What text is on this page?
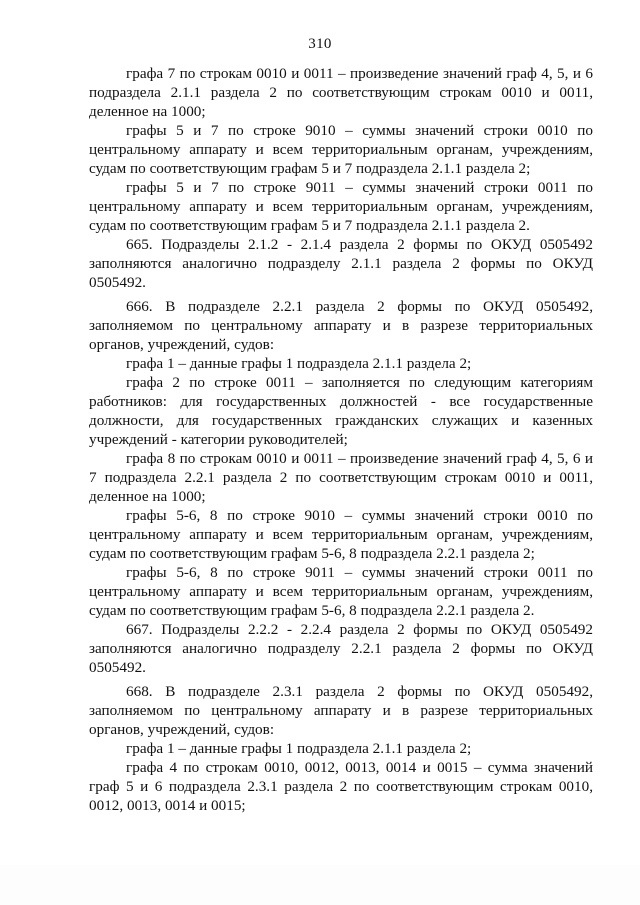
310

графа 7 по строкам 0010 и 0011 – произведение значений граф 4, 5, и 6 подраздела 2.1.1 раздела 2 по соответствующим строкам 0010 и 0011, деленное на 1000;

графы 5 и 7 по строке 9010 – суммы значений строки 0010 по центральному аппарату и всем территориальным органам, учреждениям, судам по соответствующим графам 5 и 7 подраздела 2.1.1 раздела 2;

графы 5 и 7 по строке 9011 – суммы значений строки 0011 по центральному аппарату и всем территориальным органам, учреждениям, судам по соответствующим графам 5 и 7 подраздела 2.1.1 раздела 2.

665. Подразделы 2.1.2 - 2.1.4 раздела 2 формы по ОКУД 0505492 заполняются аналогично подразделу 2.1.1 раздела 2 формы по ОКУД 0505492.

666. В подразделе 2.2.1 раздела 2 формы по ОКУД 0505492, заполняемом по центральному аппарату и в разрезе территориальных органов, учреждений, судов:

графа 1 – данные графы 1 подраздела 2.1.1 раздела 2;

графа 2 по строке 0011 – заполняется по следующим категориям работников: для государственных должностей - все государственные должности, для государственных гражданских служащих и казенных учреждений - категории руководителей;

графа 8 по строкам 0010 и 0011 – произведение значений граф 4, 5, 6 и 7 подраздела 2.2.1 раздела 2 по соответствующим строкам 0010 и 0011, деленное на 1000;

графы 5-6, 8 по строке 9010 – суммы значений строки 0010 по центральному аппарату и всем территориальным органам, учреждениям, судам по соответствующим графам 5-6, 8 подраздела 2.2.1 раздела 2;

графы 5-6, 8 по строке 9011 – суммы значений строки 0011 по центральному аппарату и всем территориальным органам, учреждениям, судам по соответствующим графам 5-6, 8 подраздела 2.2.1 раздела 2.

667. Подразделы 2.2.2 - 2.2.4 раздела 2 формы по ОКУД 0505492 заполняются аналогично подразделу 2.2.1 раздела 2 формы по ОКУД 0505492.

668. В подразделе 2.3.1 раздела 2 формы по ОКУД 0505492, заполняемом по центральному аппарату и в разрезе территориальных органов, учреждений, судов:

графа 1 – данные графы 1 подраздела 2.1.1 раздела 2;

графа 4 по строкам 0010, 0012, 0013, 0014 и 0015 – сумма значений граф 5 и 6 подраздела 2.3.1 раздела 2 по соответствующим строкам 0010, 0012, 0013, 0014 и 0015;
